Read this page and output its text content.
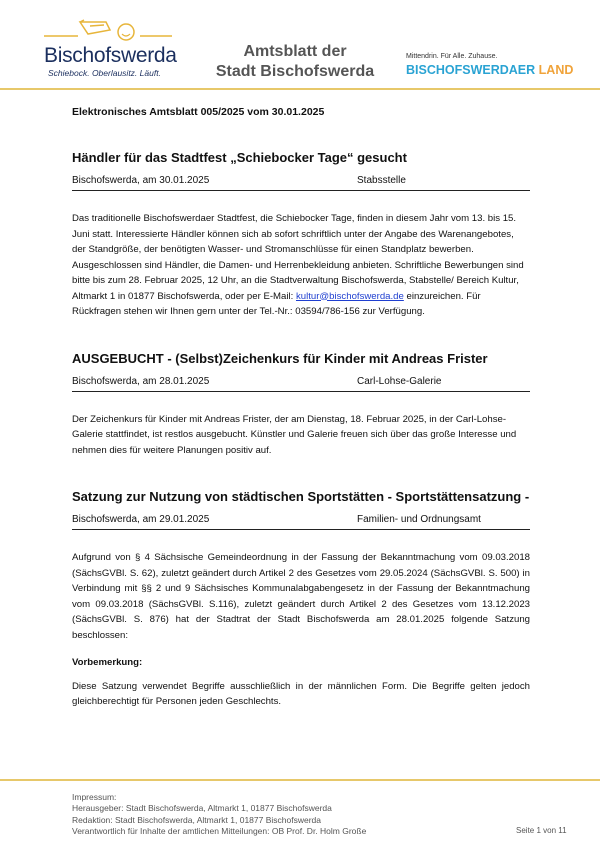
Bischofswerda
Schiebock. Oberlausitz. Läuft.
Amtsblatt der
Stadt Bischofswerda
Mittendrin. Für Alle. Zuhause.
BISCHOFSWERDAER LAND
Elektronisches Amtsblatt 005/2025 vom 30.01.2025
Händler für das Stadtfest „Schiebocker Tage“ gesucht
Bischofswerda, am 30.01.2025	Stabsstelle
Das traditionelle Bischofswerdaer Stadtfest, die Schiebocker Tage, finden in diesem Jahr vom 13. bis 15. Juni statt. Interessierte Händler können sich ab sofort schriftlich unter der Angabe des Warenangebotes, der Standgröße, der benötigten Wasser- und Stromanschlüsse für einen Standplatz bewerben. Ausgeschlossen sind Händler, die Damen- und Herrenbekleidung anbieten. Schriftliche Bewerbungen sind bitte bis zum 28. Februar 2025, 12 Uhr, an die Stadtverwaltung Bischofswerda, Stabstelle/ Bereich Kultur, Altmarkt 1 in 01877 Bischofswerda, oder per E-Mail: kultur@bischofswerda.de einzureichen. Für Rückfragen stehen wir Ihnen gern unter der Tel.-Nr.: 03594/786-156 zur Verfügung.
AUSGEBUCHT - (Selbst)Zeichenkurs für Kinder mit Andreas Frister
Bischofswerda, am 28.01.2025	Carl-Lohse-Galerie
Der Zeichenkurs für Kinder mit Andreas Frister, der am Dienstag, 18. Februar 2025, in der Carl-Lohse-Galerie stattfindet, ist restlos ausgebucht. Künstler und Galerie freuen sich über das große Interesse und nehmen dies für weitere Planungen positiv auf.
Satzung zur Nutzung von städtischen Sportstätten - Sportstättensatzung -
Bischofswerda, am 29.01.2025	Familien- und Ordnungsamt
Aufgrund von § 4 Sächsische Gemeindeordnung in der Fassung der Bekanntmachung vom 09.03.2018 (SächsGVBl. S. 62), zuletzt geändert durch Artikel 2 des Gesetzes vom 29.05.2024 (SächsGVBl. S. 500) in Verbindung mit §§ 2 und 9 Sächsisches Kommunalabgabengesetz in der Fassung der Bekanntmachung vom 09.03.2018 (SächsGVBl. S.116), zuletzt geändert durch Artikel 2 des Gesetzes vom 13.12.2023 (SächsGVBl. S. 876) hat der Stadtrat der Stadt Bischofswerda am 28.01.2025 folgende Satzung beschlossen:
Vorbemerkung:
Diese Satzung verwendet Begriffe ausschließlich in der männlichen Form. Die Begriffe gelten jedoch gleichberechtigt für Personen jeden Geschlechts.
Impressum:
Herausgeber: Stadt Bischofswerda, Altmarkt 1, 01877 Bischofswerda
Redaktion: Stadt Bischofswerda, Altmarkt 1, 01877 Bischofswerda
Verantwortlich für Inhalte der amtlichen Mitteilungen: OB Prof. Dr. Holm Große	Seite 1 von 11
